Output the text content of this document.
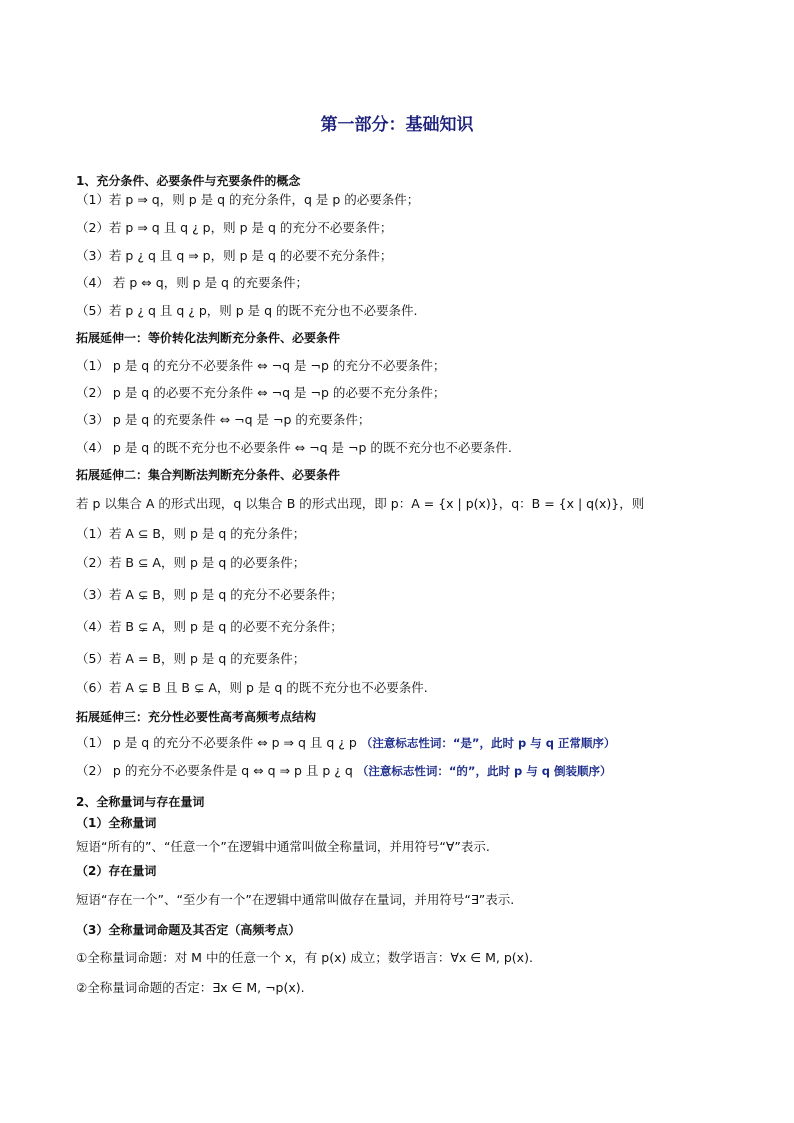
第一部分：基础知识
1、充分条件、必要条件与充要条件的概念
（1）若 p ⇒ q，则 p 是 q 的充分条件，q 是 p 的必要条件；
（2）若 p ⇒ q 且 q ¿ p，则 p 是 q 的充分不必要条件；
（3）若 p ¿ q 且 q ⇒ p，则 p 是 q 的必要不充分条件；
（4） 若 p ⇔ q，则 p 是 q 的充要条件；
（5）若 p ¿ q 且 q ¿ p，则 p 是 q 的既不充分也不必要条件.
拓展延伸一：等价转化法判断充分条件、必要条件
（1） p 是 q 的充分不必要条件 ⇔ ¬q 是 ¬p 的充分不必要条件；
（2） p 是 q 的必要不充分条件 ⇔ ¬q 是 ¬p 的必要不充分条件；
（3） p 是 q 的充要条件 ⇔ ¬q 是 ¬p 的充要条件；
（4） p 是 q 的既不充分也不必要条件 ⇔ ¬q 是 ¬p 的既不充分也不必要条件.
拓展延伸二：集合判断法判断充分条件、必要条件
若 p 以集合 A 的形式出现，q 以集合 B 的形式出现，即 p：A = {x | p(x)}，q：B = {x | q(x)}，则
（1）若 A ⊆ B，则 p 是 q 的充分条件；
（2）若 B ⊆ A，则 p 是 q 的必要条件；
（3）若 A ⊊ B，则 p 是 q 的充分不必要条件；
（4）若 B ⊊ A，则 p 是 q 的必要不充分条件；
（5）若 A = B，则 p 是 q 的充要条件；
（6）若 A ⊊ B 且 B ⊊ A，则 p 是 q 的既不充分也不必要条件.
拓展延伸三：充分性必要性高考高频考点结构
（1） p 是 q 的充分不必要条件 ⇔ p ⇒ q 且 q ¿ p （注意标志性词：“是”，此时 p 与 q 正常顺序）
（2） p 的充分不必要条件是 q ⇔ q ⇒ p 且 p ¿ q （注意标志性词：“的”，此时 p 与 q 倒装顺序）
2、全称量词与存在量词
（1）全称量词
短语“所有的”、“任意一个”在逻辑中通常叫做全称量词，并用符号“∀”表示.
（2）存在量词
短语“存在一个”、“至少有一个”在逻辑中通常叫做存在量词，并用符号“∃”表示.
（3）全称量词命题及其否定（高频考点）
①全称量词命题：对 M 中的任意一个 x，有 p(x) 成立；数学语言：∀x ∈ M, p(x).
②全称量词命题的否定：∃x ∈ M, ¬p(x).
